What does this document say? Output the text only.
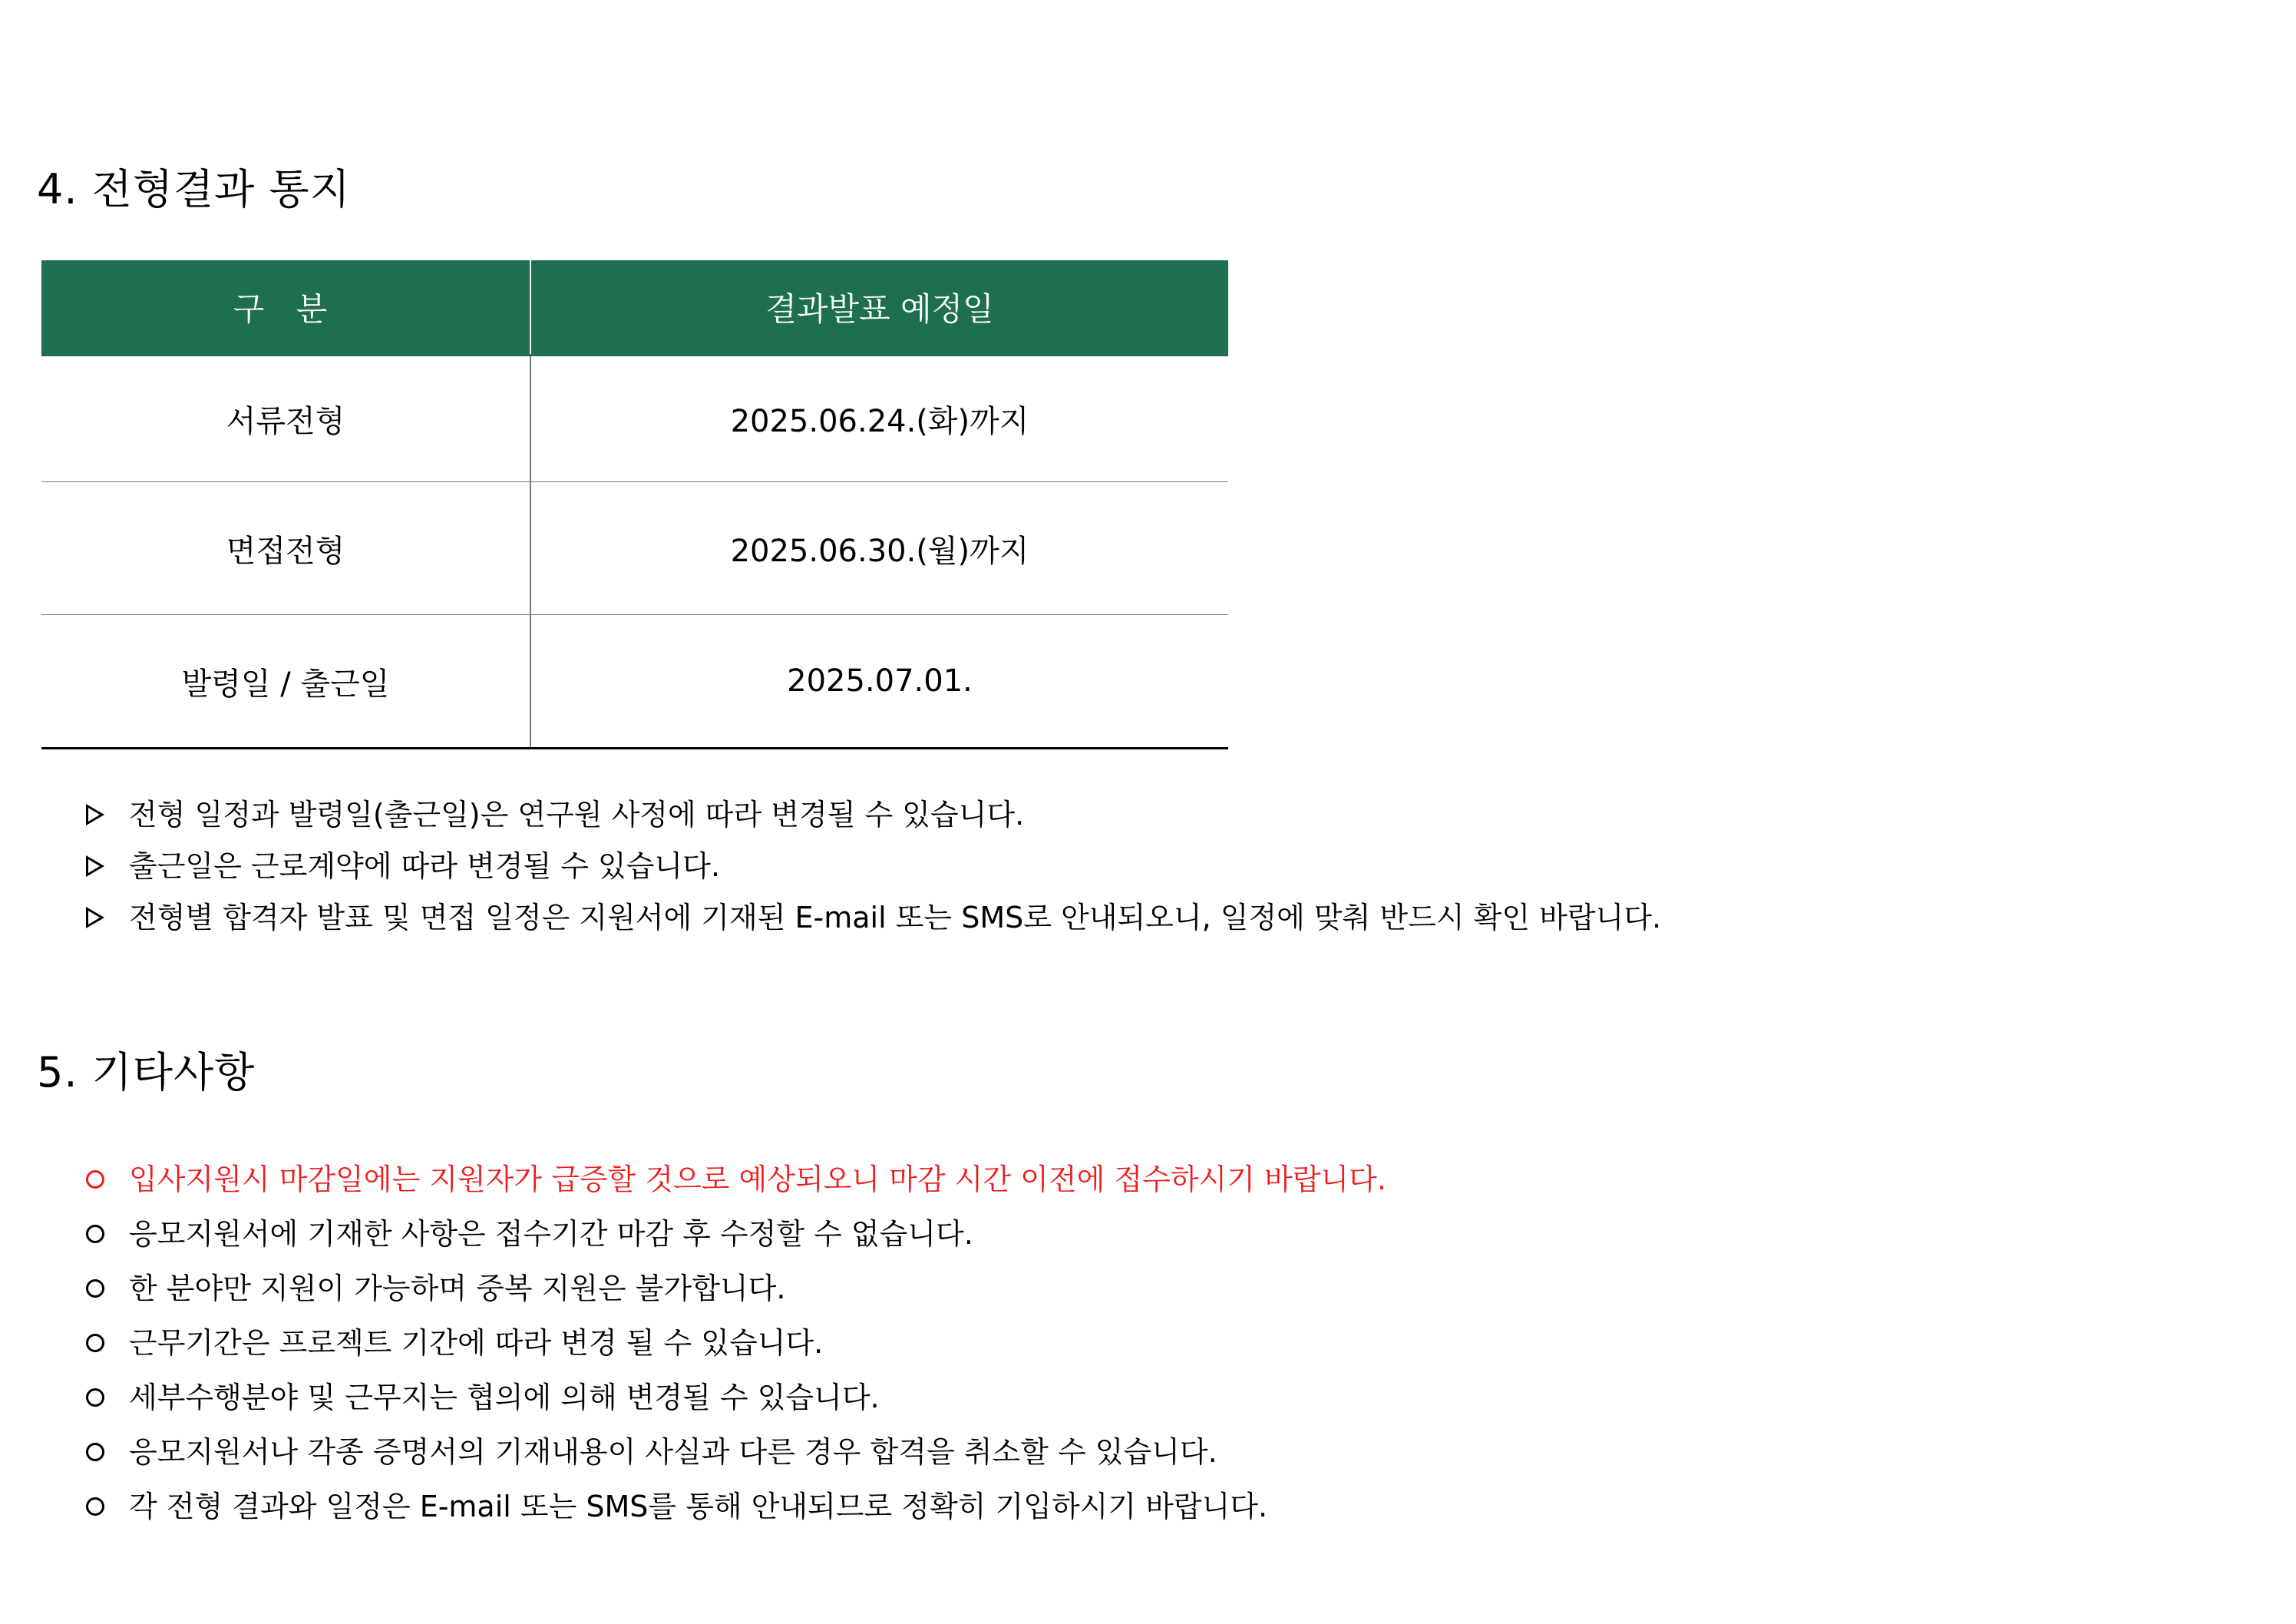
4. 전형결과 통지
구 분	결과발표 예정일
서류전형	2025.06.24.(화)까지
면접전형	2025.06.30.(월)까지
발령일 / 출근일	2025.07.01.
전형 일정과 발령일(출근일)은 연구원 사정에 따라 변경될 수 있습니다.
출근일은 근로계약에 따라 변경될 수 있습니다.
전형별 합격자 발표 및 면접 일정은 지원서에 기재된 E-mail 또는 SMS로 안내되오니, 일정에 맞춰 반드시 확인 바랍니다.
5. 기타사항
입사지원시 마감일에는 지원자가 급증할 것으로 예상되오니 마감 시간 이전에 접수하시기 바랍니다.
응모지원서에 기재한 사항은 접수기간 마감 후 수정할 수 없습니다.
한 분야만 지원이 가능하며 중복 지원은 불가합니다.
근무기간은 프로젝트 기간에 따라 변경 될 수 있습니다.
세부수행분야 및 근무지는 협의에 의해 변경될 수 있습니다.
응모지원서나 각종 증명서의 기재내용이 사실과 다른 경우 합격을 취소할 수 있습니다.
각 전형 결과와 일정은 E-mail 또는 SMS를 통해 안내되므로 정확히 기입하시기 바랍니다.
